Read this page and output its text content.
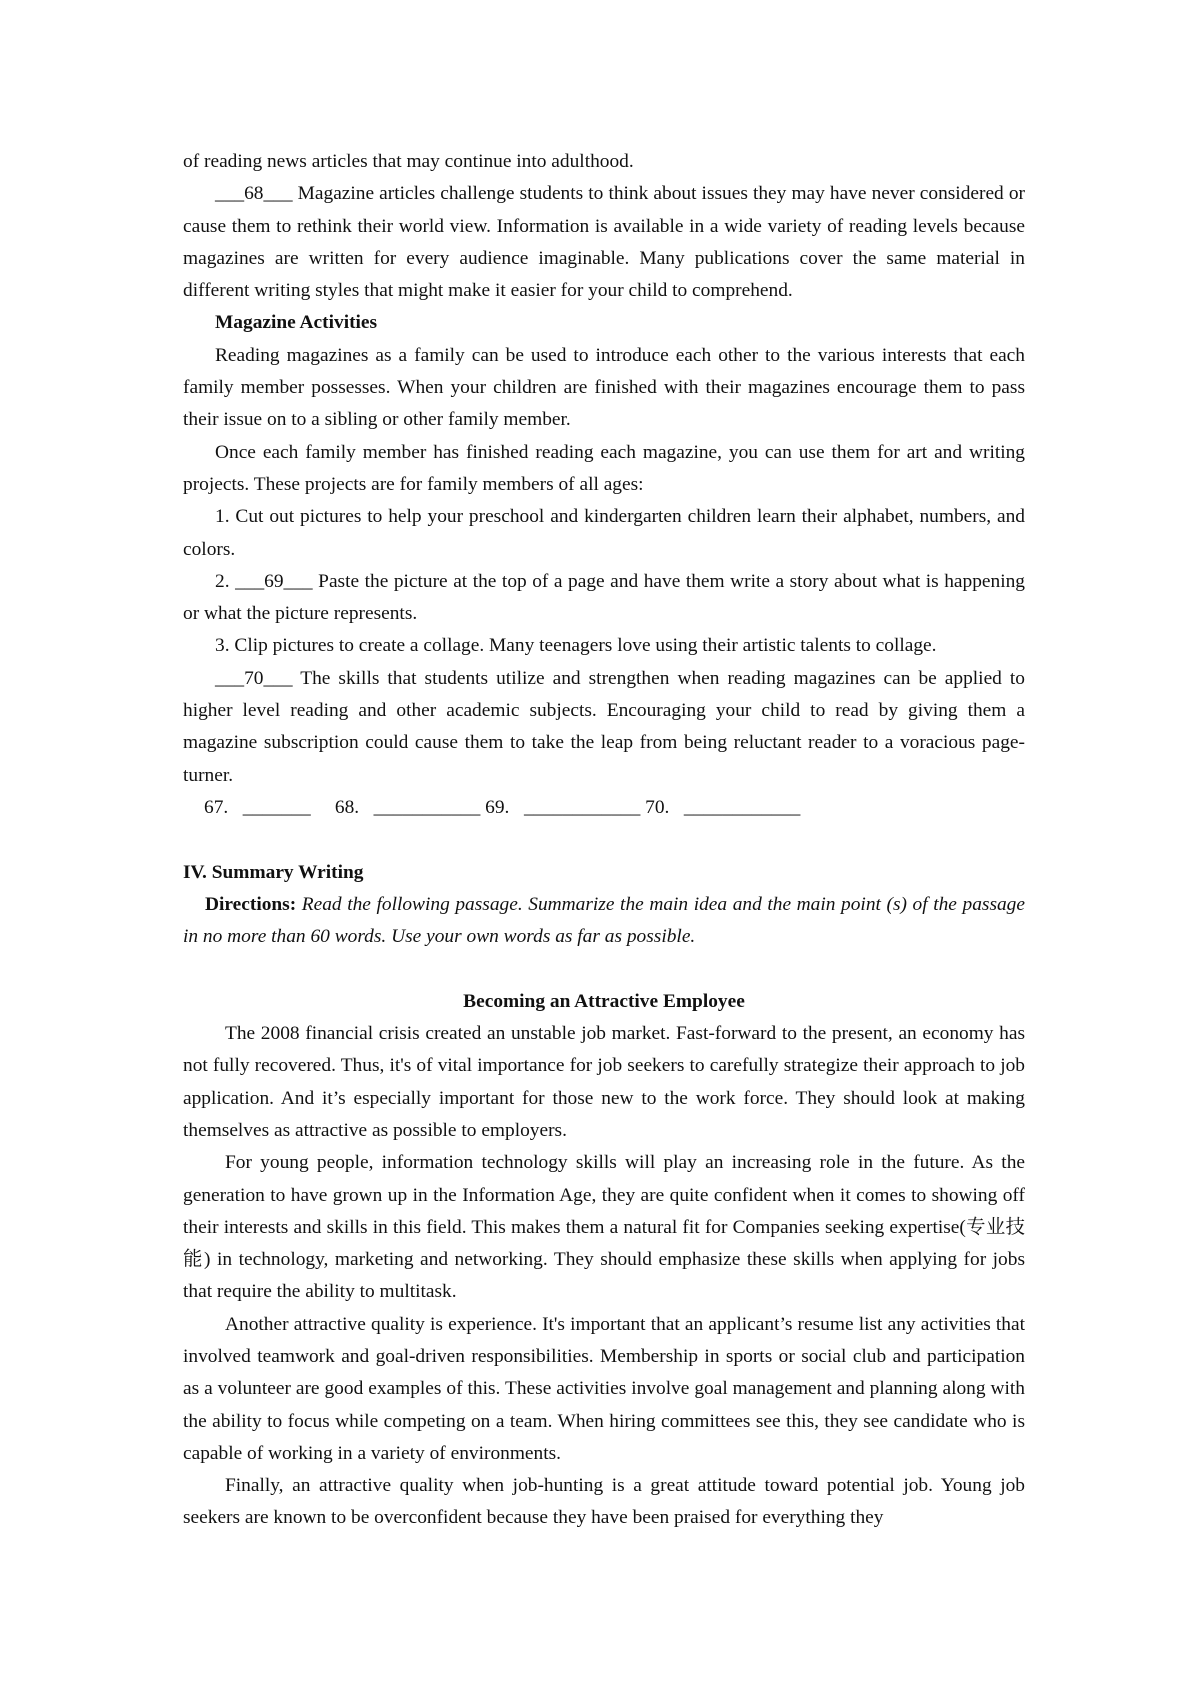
of reading news articles that may continue into adulthood.

___68___ Magazine articles challenge students to think about issues they may have never considered or cause them to rethink their world view. Information is available in a wide variety of reading levels because magazines are written for every audience imaginable. Many publications cover the same material in different writing styles that might make it easier for your child to comprehend.

Magazine Activities

Reading magazines as a family can be used to introduce each other to the various interests that each family member possesses. When your children are finished with their magazines encourage them to pass their issue on to a sibling or other family member.

Once each family member has finished reading each magazine, you can use them for art and writing projects. These projects are for family members of all ages:

1. Cut out pictures to help your preschool and kindergarten children learn their alphabet, numbers, and colors.

2. ___69___ Paste the picture at the top of a page and have them write a story about what is happening or what the picture represents.

3. Clip pictures to create a collage. Many teenagers love using their artistic talents to collage.

___70___ The skills that students utilize and strengthen when reading magazines can be applied to higher level reading and other academic subjects. Encouraging your child to read by giving them a magazine subscription could cause them to take the leap from being reluctant reader to a voracious page-turner.

67.   _______     68.   ___________ 69.   ____________ 70.   ____________

IV. Summary Writing

Directions: Read the following passage. Summarize the main idea and the main point (s) of the passage in no more than 60 words. Use your own words as far as possible.

Becoming an Attractive Employee

The 2008 financial crisis created an unstable job market. Fast-forward to the present, an economy has not fully recovered. Thus, it's of vital importance for job seekers to carefully strategize their approach to job application. And it’s especially important for those new to the work force. They should look at making themselves as attractive as possible to employers.

For young people, information technology skills will play an increasing role in the future. As the generation to have grown up in the Information Age, they are quite confident when it comes to showing off their interests and skills in this field. This makes them a natural fit for Companies seeking expertise(专业技能) in technology, marketing and networking. They should emphasize these skills when applying for jobs that require the ability to multitask.

Another attractive quality is experience. It's important that an applicant’s resume list any activities that involved teamwork and goal-driven responsibilities. Membership in sports or social club and participation as a volunteer are good examples of this. These activities involve goal management and planning along with the ability to focus while competing on a team. When hiring committees see this, they see candidate who is capable of working in a variety of environments.

Finally, an attractive quality when job-hunting is a great attitude toward potential job. Young job seekers are known to be overconfident because they have been praised for everything they
